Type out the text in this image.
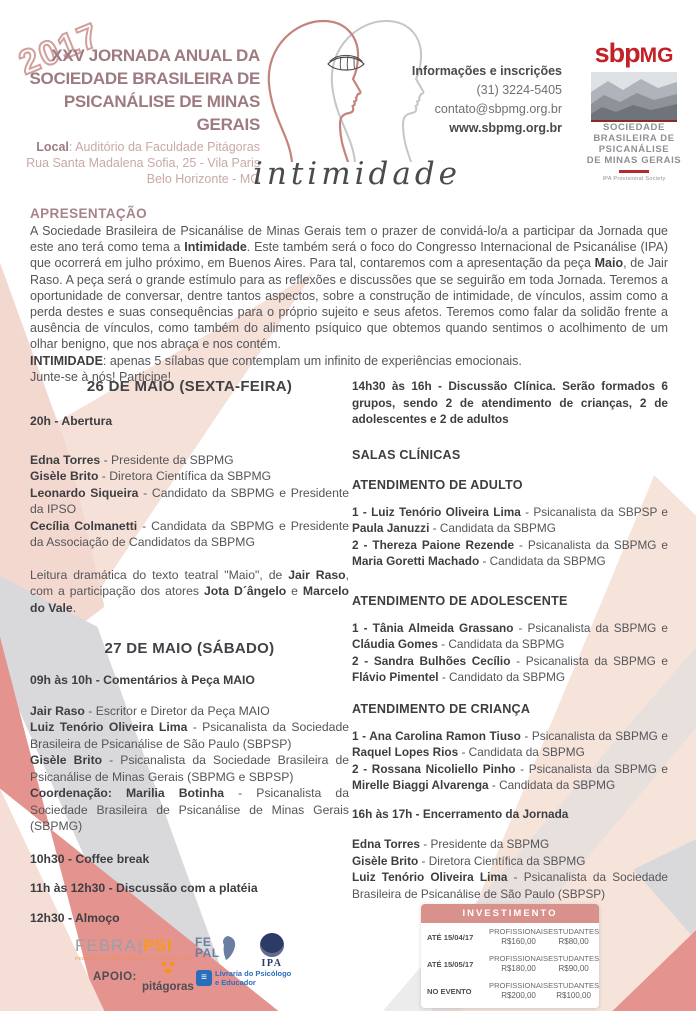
2017
XXV JORNADA ANUAL DA
SOCIEDADE BRASILEIRA DE
PSICANÁLISE DE MINAS GERAIS
Local: Auditório da Faculdade Pitágoras
Rua Santa Madalena Sofia, 25 - Vila Paris
Belo Horizonte - MG
intimidade
Informações e inscrições
(31) 3224-5405
contato@sbpmg.org.br
www.sbpmg.org.br
sbpMG
SOCIEDADE
BRASILEIRA DE
PSICANÁLISE
DE MINAS GERAIS
IPA Provisional Society
APRESENTAÇÃO

A Sociedade Brasileira de Psicanálise de Minas Gerais tem o prazer de convidá-lo/a a participar da Jornada que este ano terá como tema a Intimidade. Este também será o foco do Congresso Internacional de Psicanálise (IPA) que ocorrerá em julho próximo, em Buenos Aires. Para tal, contaremos com a apresentação da peça Maio, de Jair Raso. A peça será o grande estímulo para as reflexões e discussões que se seguirão em toda Jornada. Teremos a oportunidade de conversar, dentre tantos aspectos, sobre a construção de intimidade, de vínculos, assim como a perda destes e suas consequências para o próprio sujeito e seus afetos. Teremos como falar da solidão frente a ausência de vínculos, como também do alimento psíquico que obtemos quando sentimos o acolhimento de um olhar benigno, que nos abraça e nos contém.

INTIMIDADE: apenas 5 sílabas que contemplam um infinito de experiências emocionais.

Junte-se à nós! Participe!

26 DE MAIO (SEXTA-FEIRA)

20h - Abertura

Edna Torres - Presidente da SBPMG

Gisèle Brito - Diretora Científica da SBPMG

Leonardo Siqueira - Candidato da SBPMG e Presidente da IPSO

Cecília Colmanetti - Candidata da SBPMG e Presidente da Associação de Candidatos da SBPMG

Leitura dramática do texto teatral "Maio", de Jair Raso, com a participação dos atores Jota D´ângelo e Marcelo do Vale.

27 DE MAIO (SÁBADO)

09h às 10h - Comentários à Peça MAIO

Jair Raso - Escritor e Diretor da Peça MAIO

Luiz Tenório Oliveira Lima - Psicanalista da Sociedade Brasileira de Psicanálise de São Paulo (SBPSP)

Gisèle Brito - Psicanalista da Sociedade Brasileira de Psicanálise de Minas Gerais (SBPMG e SBPSP)

Coordenação: Marilia Botinha - Psicanalista da Sociedade Brasileira de Psicanálise de Minas Gerais (SBPMG)

10h30 - Coffee break

11h às 12h30 - Discussão com a platéia

12h30 - Almoço

14h30 às 16h - Discussão Clínica. Serão formados 6 grupos, sendo 2 de atendimento de crianças, 2 de adolescentes e 2 de adultos

SALAS CLÍNICAS

ATENDIMENTO DE ADULTO

1 - Luiz Tenório Oliveira Lima - Psicanalista da SBPSP e Paula Januzzi - Candidata da SBPMG

2 - Thereza Paione Rezende - Psicanalista da SBPMG e Maria Goretti Machado - Candidata da SBPMG

ATENDIMENTO DE ADOLESCENTE

1 - Tânia Almeida Grassano - Psicanalista da SBPMG e Cláudia Gomes - Candidata da SBPMG

2 - Sandra Bulhões Cecílio - Psicanalista da SBPMG e Flávio Pimentel - Candidato da SBPMG

ATENDIMENTO DE CRIANÇA

1 - Ana Carolina Ramon Tiuso - Psicanalista da SBPMG e Raquel Lopes Rios - Candidata da SBPMG

2 - Rossana Nicoliello Pinho - Psicanalista da SBPMG e Mirelle Biaggi Alvarenga - Candidata da SBPMG

16h às 17h - Encerramento da Jornada

Edna Torres - Presidente da SBPMG

Gisèle Brito - Diretora Científica da SBPMG

Luiz Tenório Oliveira Lima - Psicanalista da Sociedade Brasileira de Psicanálise de São Paulo (SBPSP)

INVESTIMENTO
ATÉ 15/04/17
PROFISSIONAIS
R$160,00
ESTUDANTES
R$80,00
ATÉ 15/05/17
PROFISSIONAIS
R$180,00
ESTUDANTES
R$90,00
NO EVENTO
PROFISSIONAIS
R$200,00
ESTUDANTES
R$100,00
FEBRA 8
8 PSI
FEDERAÇÃO BRASILEIRA DE PSICANÁLISE
FE
PAL
IPA
APOIO:
pitágoras
≡	Livraria do Psicólogo
e Educador
